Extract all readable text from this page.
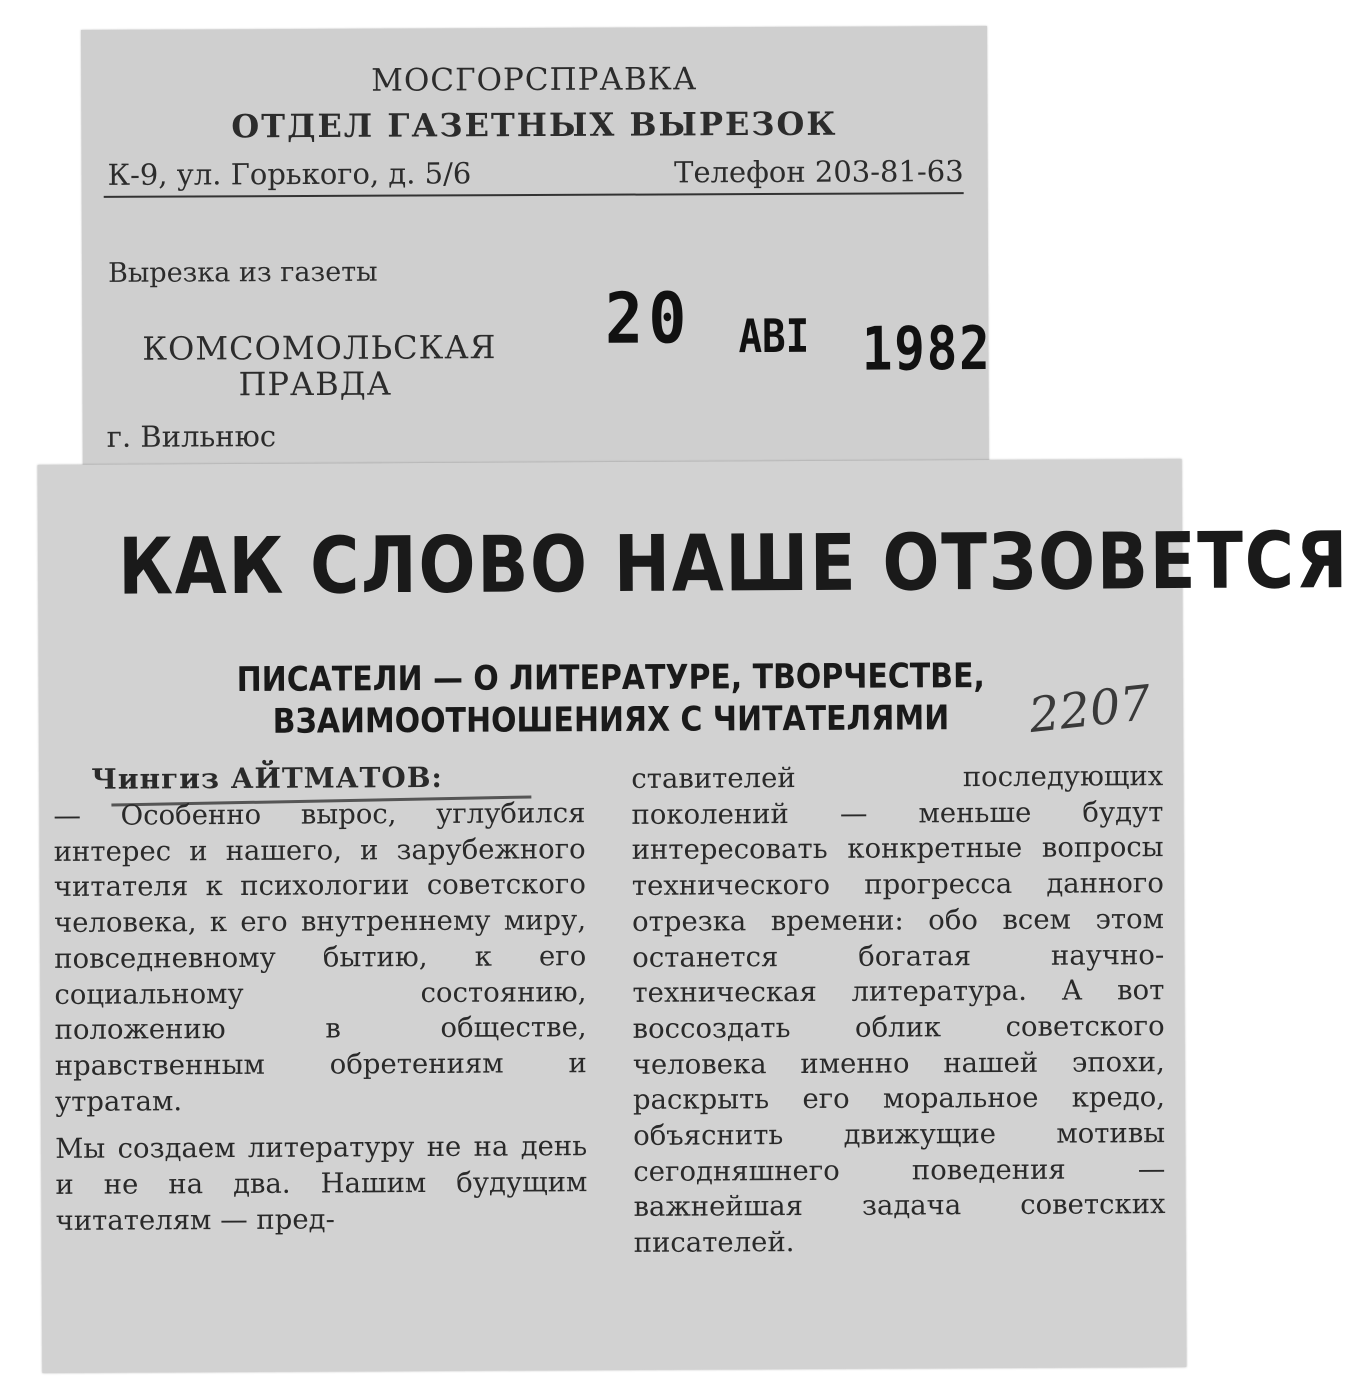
МОСГОРСПРАВКА
ОТДЕЛ ГАЗЕТНЫХ ВЫРЕЗОК
К-9, ул. Горького, д. 5/6	Телефон 203-81-63
Вырезка из газеты
КОМСОМОЛЬСКАЯ
ПРАВДА
г. Вильнюс
20 АВІ 1982
КАК СЛОВО НАШЕ ОТЗОВЕТСЯ
ПИСАТЕЛИ — О ЛИТЕРАТУРЕ, ТВОРЧЕСТВЕ,
ВЗАИМООТНОШЕНИЯХ С ЧИТАТЕЛЯМИ	2207
Чингиз АЙТМАТОВ:

— Особенно вырос, углубился интерес и нашего, и зарубежного читателя к психологии советского человека, к его внутреннему миру, повседневному бытию, к его социальному состоянию, положению в обществе, нравственным обретениям и утратам.

Мы создаем литературу не на день и не на два. Нашим будущим читателям — пред-

ставителей последующих поколений — меньше будут интересовать конкретные вопросы технического прогресса данного отрезка времени: обо всем этом останется богатая научно-техническая литература. А вот воссоздать облик советского человека именно нашей эпохи, раскрыть его моральное кредо, объяснить движущие мотивы сегодняшнего поведения — важнейшая задача советских писателей.
